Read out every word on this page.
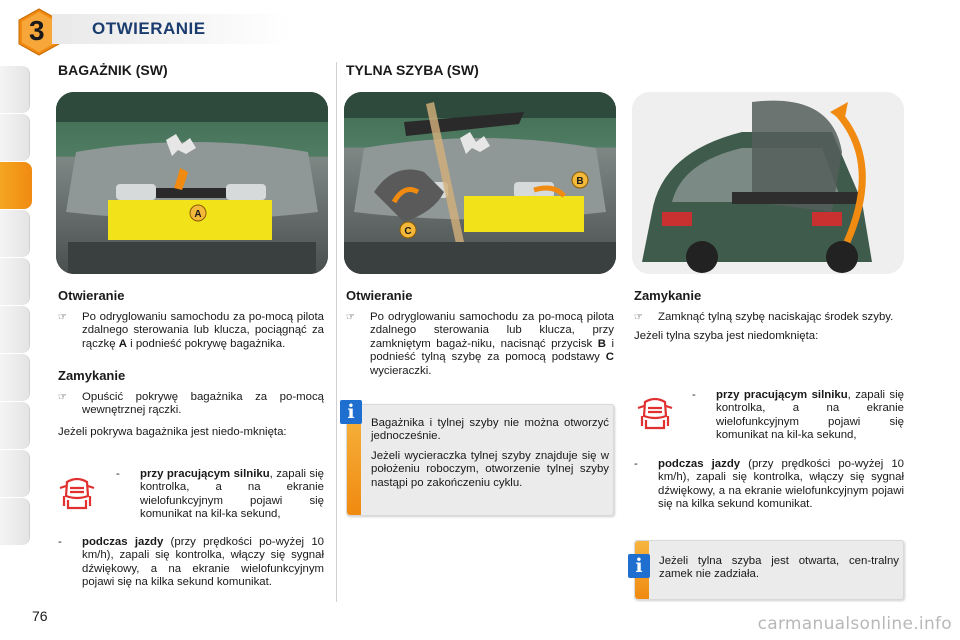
3	OTWIERANIE
BAGAŻNIK (SW)	TYLNA SZYBA (SW)
A
B
C
Otwieranie
☞ Po odryglowaniu samochodu za po-mocą pilota zdalnego sterowania lub klucza, pociągnąć za rączkę A i podnieść pokrywę bagażnika.
Zamykanie
☞ Opuścić pokrywę bagażnika za po-mocą wewnętrznej rączki.
Jeżeli pokrywa bagażnika jest niedo-mknięta:
- przy pracującym silniku, zapali się kontrolka, a na ekranie wielofunkcyjnym pojawi się komunikat na kil-ka sekund,
- podczas jazdy (przy prędkości po-wyżej 10 km/h), zapali się kontrolka, włączy się sygnał dźwiękowy, a na ekranie wielofunkcyjnym pojawi się na kilka sekund komunikat.
Otwieranie
☞ Po odryglowaniu samochodu za po-mocą pilota zdalnego sterowania lub klucza, przy zamkniętym bagaż-niku, nacisnąć przycisk B i podnieść tylną szybę za pomocą podstawy C wycieraczki.
Bagażnika i tylnej szyby nie można otworzyć jednocześnie.
Jeżeli wycieraczka tylnej szyby znajduje się w położeniu roboczym, otworzenie tylnej szyby nastąpi po zakończeniu cyklu.
i
Zamykanie
☞ Zamknąć tylną szybę naciskając środek szyby.
Jeżeli tylna szyba jest niedomknięta:
- przy pracującym silniku, zapali się kontrolka, a na ekranie wielofunkcyjnym pojawi się komunikat na kil-ka sekund,
- podczas jazdy (przy prędkości po-wyżej 10 km/h), zapali się kontrolka, włączy się sygnał dźwiękowy, a na ekranie wielofunkcyjnym pojawi się na kilka sekund komunikat.
Jeżeli tylna szyba jest otwarta, cen-tralny zamek nie zadziała.
i
76	carmanualsonline.info
